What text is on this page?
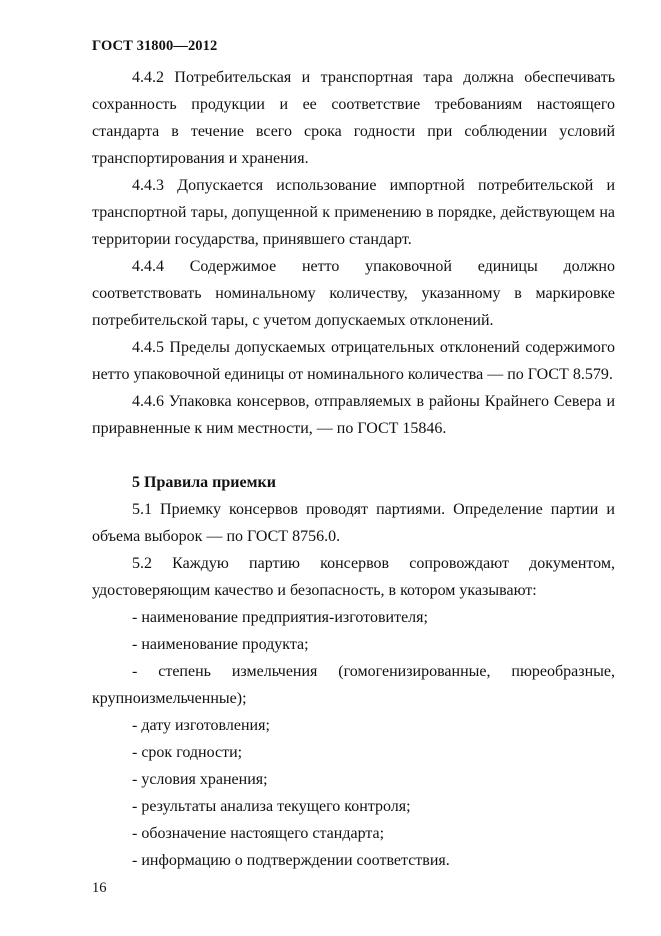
ГОСТ 31800—2012

4.4.2 Потребительская и транспортная тара должна обеспечивать сохранность продукции и ее соответствие требованиям настоящего стандарта в течение всего срока годности при соблюдении условий транспортирования и хранения.

4.4.3 Допускается использование импортной потребительской и транспортной тары, допущенной к применению в порядке, действующем на территории государства, принявшего стандарт.

4.4.4 Содержимое нетто упаковочной единицы должно соответствовать номинальному количеству, указанному в маркировке потребительской тары, с учетом допускаемых отклонений.

4.4.5 Пределы допускаемых отрицательных отклонений содержимого нетто упаковочной единицы от номинального количества — по ГОСТ 8.579.

4.4.6 Упаковка консервов, отправляемых в районы Крайнего Севера и приравненные к ним местности, — по ГОСТ 15846.

5 Правила приемки

5.1 Приемку консервов проводят партиями. Определение партии и объема выборок — по ГОСТ 8756.0.

5.2 Каждую партию консервов сопровождают документом, удостоверяющим качество и безопасность, в котором указывают:

- наименование предприятия-изготовителя;

- наименование продукта;

- степень измельчения (гомогенизированные, пюреобразные, крупноизмельченные);

- дату изготовления;

- срок годности;

- условия хранения;

- результаты анализа текущего контроля;

- обозначение настоящего стандарта;

- информацию о подтверждении соответствия.

16
